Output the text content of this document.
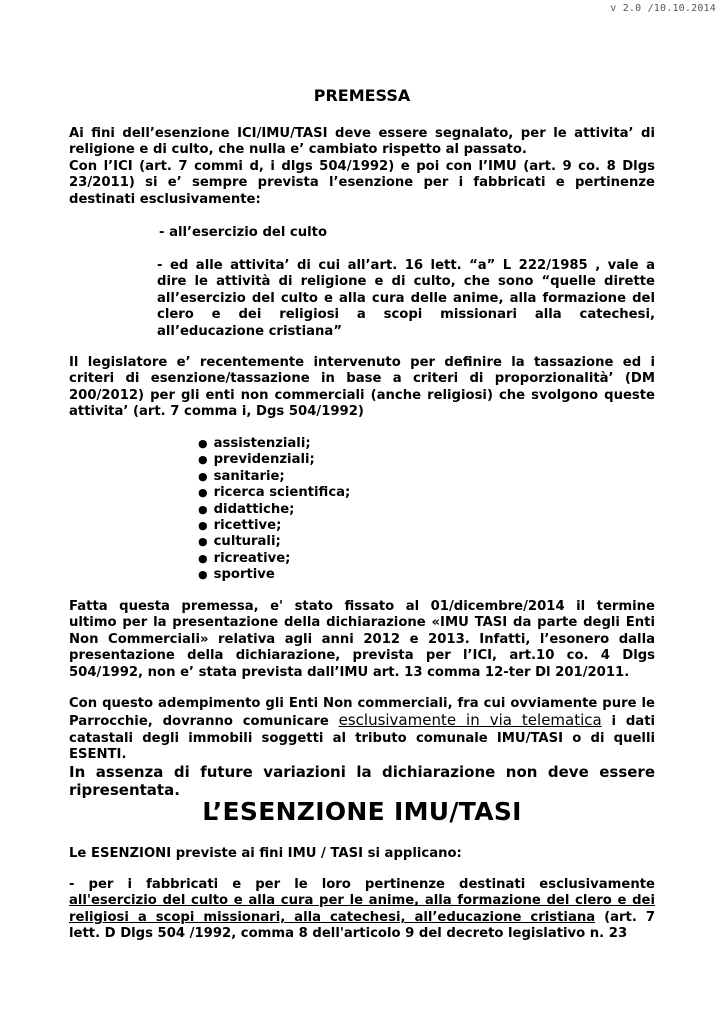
v 2.0 /10.10.2014
PREMESSA
Ai fini dell’esenzione ICI/IMU/TASI deve essere segnalato, per le attivita’ di
religione e di culto, che nulla e’ cambiato rispetto al passato.
Con l’ICI (art. 7 commi d, i dlgs 504/1992) e poi con l’IMU (art. 9 co. 8 Dlgs
23/2011) si e’ sempre prevista l’esenzione per i fabbricati e pertinenze
destinati esclusivamente:
- all’esercizio del culto
- ed alle attivita’ di cui all’art. 16 lett. “a” L 222/1985 , vale a
dire le attività di religione e di culto, che sono “quelle dirette
all’esercizio del culto e alla cura delle anime, alla formazione del
clero e dei religiosi a scopi missionari alla catechesi,
all’educazione cristiana”
Il legislatore e’ recentemente intervenuto per definire la tassazione ed i
criteri di esenzione/tassazione in base a criteri di proporzionalità’ (DM
200/2012) per gli enti non commerciali (anche religiosi) che svolgono queste
attivita’ (art. 7 comma i, Dgs 504/1992)
● assistenziali;
● previdenziali;
● sanitarie;
● ricerca scientifica;
● didattiche;
● ricettive;
● culturali;
● ricreative;
● sportive
Fatta questa premessa, e' stato fissato al 01/dicembre/2014 il termine
ultimo per la presentazione della dichiarazione «IMU TASI da parte degli Enti
Non Commerciali» relativa agli anni 2012 e 2013. Infatti, l’esonero dalla
presentazione della dichiarazione, prevista per l’ICI, art.10 co. 4 Dlgs
504/1992, non e’ stata prevista dall’IMU art. 13 comma 12-ter Dl 201/2011.
Con questo adempimento gli Enti Non commerciali, fra cui ovviamente pure le
Parrocchie, dovranno comunicare esclusivamente in via telematica i dati
catastali degli immobili soggetti al tributo comunale IMU/TASI o di quelli
ESENTI.
In assenza di future variazioni la dichiarazione non deve essere
ripresentata.
L’ESENZIONE IMU/TASI
Le ESENZIONI previste ai fini IMU / TASI si applicano:
- per i fabbricati e per le loro pertinenze destinati esclusivamente
all'esercizio del culto e alla cura per le anime, alla formazione del clero e dei
religiosi a scopi missionari, alla catechesi, all’educazione cristiana (art. 7
lett. D Dlgs 504 /1992, comma 8 dell'articolo 9 del decreto legislativo n. 23
